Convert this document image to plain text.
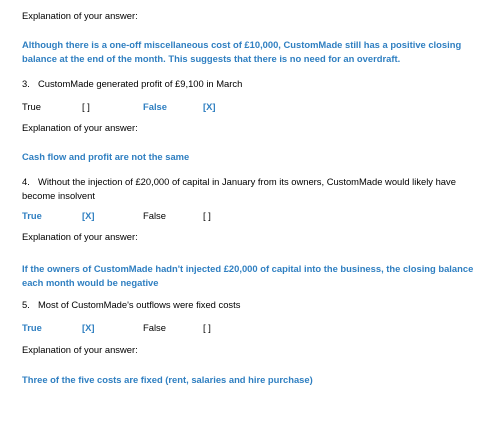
Explanation of your answer:
Although there is a one-off miscellaneous cost of £10,000, CustomMade still has a positive closing balance at the end of the month. This suggests that there is no need for an overdraft.
3. CustomMade generated profit of £9,100 in March
True	[ ]	False	[X]
Explanation of your answer:
Cash flow and profit are not the same
4. Without the injection of £20,000 of capital in January from its owners, CustomMade would likely have become insolvent
True	[X]	False	[ ]
Explanation of your answer:
If the owners of CustomMade hadn't injected £20,000 of capital into the business, the closing balance each month would be negative
5. Most of CustomMade's outflows were fixed costs
True	[X]	False	[ ]
Explanation of your answer:
Three of the five costs are fixed (rent, salaries and hire purchase)
